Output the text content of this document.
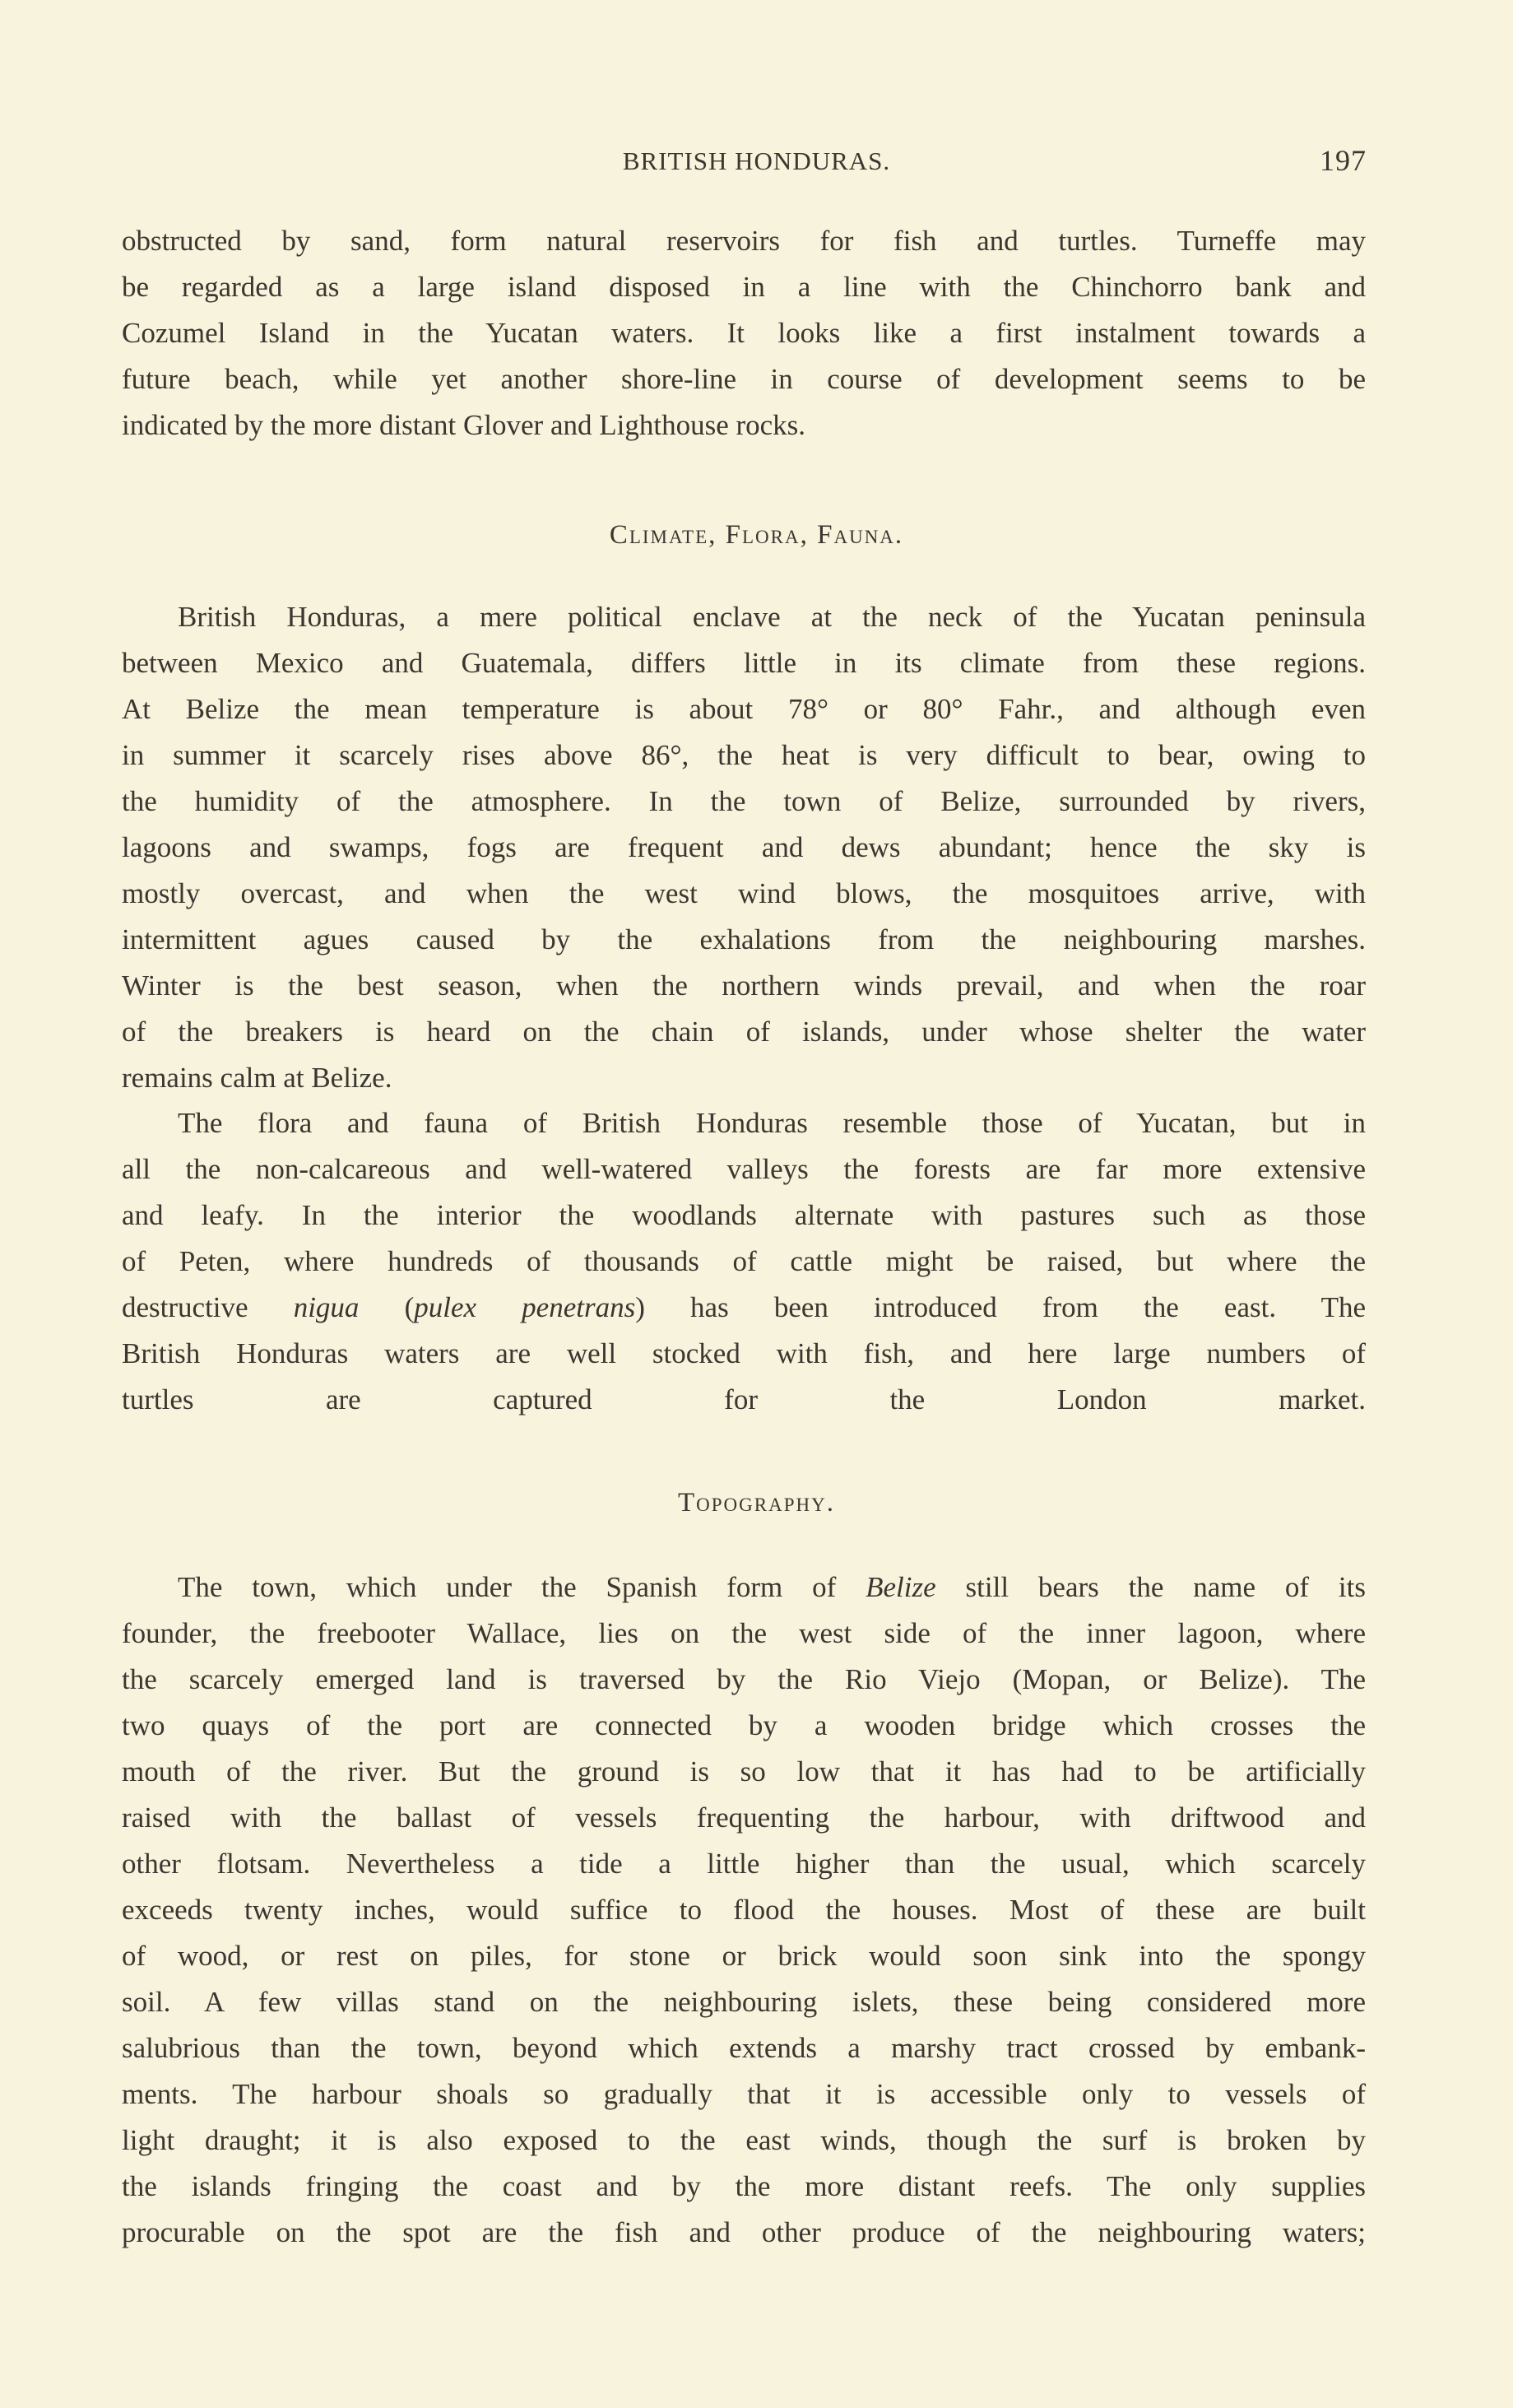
BRITISH HONDURAS.	197
obstructed by sand, form natural reservoirs for fish and turtles. Turneffe may
be regarded as a large island disposed in a line with the Chinchorro bank and
Cozumel Island in the Yucatan waters. It looks like a first instalment towards a
future beach, while yet another shore-line in course of development seems to be
indicated by the more distant Glover and Lighthouse rocks.
Climate, Flora, Fauna.
British Honduras, a mere political enclave at the neck of the Yucatan peninsula
between Mexico and Guatemala, differs little in its climate from these regions.
At Belize the mean temperature is about 78° or 80° Fahr., and although even
in summer it scarcely rises above 86°, the heat is very difficult to bear, owing to
the humidity of the atmosphere. In the town of Belize, surrounded by rivers,
lagoons and swamps, fogs are frequent and dews abundant; hence the sky is
mostly overcast, and when the west wind blows, the mosquitoes arrive, with
intermittent agues caused by the exhalations from the neighbouring marshes.
Winter is the best season, when the northern winds prevail, and when the roar
of the breakers is heard on the chain of islands, under whose shelter the water
remains calm at Belize.
The flora and fauna of British Honduras resemble those of Yucatan, but in
all the non-calcareous and well-watered valleys the forests are far more extensive
and leafy. In the interior the woodlands alternate with pastures such as those
of Peten, where hundreds of thousands of cattle might be raised, but where the
destructive nigua (pulex penetrans) has been introduced from the east. The
British Honduras waters are well stocked with fish, and here large numbers of
turtles are captured for the London market.
Topography.
The town, which under the Spanish form of Belize still bears the name of its
founder, the freebooter Wallace, lies on the west side of the inner lagoon, where
the scarcely emerged land is traversed by the Rio Viejo (Mopan, or Belize). The
two quays of the port are connected by a wooden bridge which crosses the
mouth of the river. But the ground is so low that it has had to be artificially
raised with the ballast of vessels frequenting the harbour, with driftwood and
other flotsam. Nevertheless a tide a little higher than the usual, which scarcely
exceeds twenty inches, would suffice to flood the houses. Most of these are built
of wood, or rest on piles, for stone or brick would soon sink into the spongy
soil. A few villas stand on the neighbouring islets, these being considered more
salubrious than the town, beyond which extends a marshy tract crossed by embank-
ments. The harbour shoals so gradually that it is accessible only to vessels of
light draught; it is also exposed to the east winds, though the surf is broken by
the islands fringing the coast and by the more distant reefs. The only supplies
procurable on the spot are the fish and other produce of the neighbouring waters;
